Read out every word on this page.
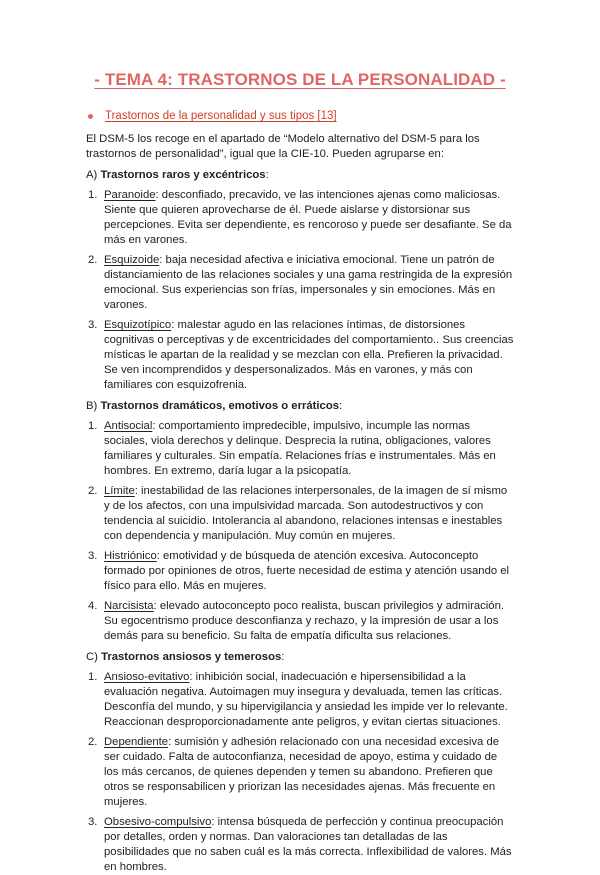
- TEMA 4: TRASTORNOS DE LA PERSONALIDAD -
Trastornos de la personalidad y sus tipos [13]

El DSM-5 los recoge en el apartado de “Modelo alternativo del DSM-5 para los trastornos de personalidad”, igual que la CIE-10. Pueden agruparse en:

A) Trastornos raros y excéntricos:
1. Paranoide: desconfiado, precavido, ve las intenciones ajenas como maliciosas. Siente que quieren aprovecharse de él. Puede aislarse y distorsionar sus percepciones. Evita ser dependiente, es rencoroso y puede ser desafiante. Se da más en varones.
2. Esquizoide: baja necesidad afectiva e iniciativa emocional. Tiene un patrón de distanciamiento de las relaciones sociales y una gama restringida de la expresión emocional. Sus experiencias son frías, impersonales y sin emociones. Más en varones.
3. Esquizotípico: malestar agudo en las relaciones íntimas, de distorsiones cognitivas o perceptivas y de excentricidades del comportamiento.. Sus creencias místicas le apartan de la realidad y se mezclan con ella. Prefieren la privacidad. Se ven incomprendidos y despersonalizados. Más en varones, y más con familiares con esquizofrenia.
B) Trastornos dramáticos, emotivos o erráticos:
1. Antisocial: comportamiento impredecible, impulsivo, incumple las normas sociales, viola derechos y delinque. Desprecia la rutina, obligaciones, valores familiares y culturales. Sin empatía. Relaciones frías e instrumentales. Más en hombres. En extremo, daría lugar a la psicopatía.
2. Límite: inestabilidad de las relaciones interpersonales, de la imagen de sí mismo y de los afectos, con una impulsividad marcada. Son autodestructivos y con tendencia al suicidio. Intolerancia al abandono, relaciones intensas e inestables con dependencia y manipulación. Muy común en mujeres.
3. Histriónico: emotividad y de búsqueda de atención excesiva. Autoconcepto formado por opiniones de otros, fuerte necesidad de estima y atención usando el físico para ello. Más en mujeres.
4. Narcisista: elevado autoconcepto poco realista, buscan privilegios y admiración. Su egocentrismo produce desconfianza y rechazo, y la impresión de usar a los demás para su beneficio. Su falta de empatía dificulta sus relaciones.
C) Trastornos ansiosos y temerosos:
1. Ansioso-evitativo: inhibición social, inadecuación e hipersensibilidad a la evaluación negativa. Autoimagen muy insegura y devaluada, temen las críticas. Desconfía del mundo, y su hipervigilancia y ansiedad les impide ver lo relevante. Reaccionan desproporcionadamente ante peligros, y evitan ciertas situaciones.
2. Dependiente: sumisión y adhesión relacionado con una necesidad excesiva de ser cuidado. Falta de autoconfianza, necesidad de apoyo, estima y cuidado de los más cercanos, de quienes dependen y temen su abandono. Prefieren que otros se responsabilicen y priorizan las necesidades ajenas. Más frecuente en mujeres.
3. Obsesivo-compulsivo: intensa búsqueda de perfección y continua preocupación por detalles, orden y normas. Dan valoraciones tan detalladas de las posibilidades que no saben cuál es la más correcta. Inflexibilidad de valores. Más en hombres.
